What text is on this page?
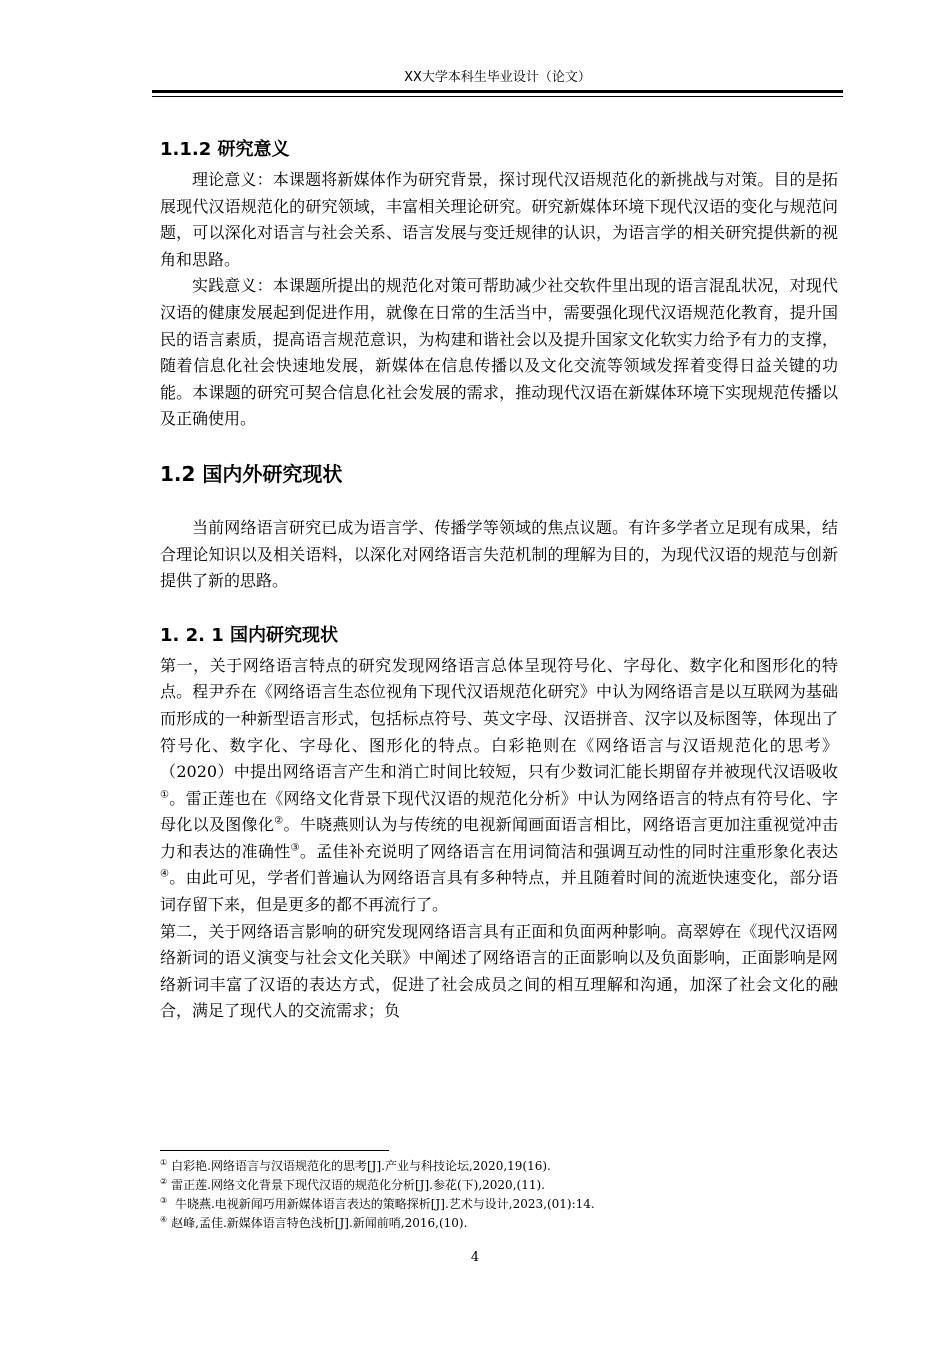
XX大学本科生毕业设计（论文）
1.1.2 研究意义

理论意义：本课题将新媒体作为研究背景，探讨现代汉语规范化的新挑战与对策。目的是拓展现代汉语规范化的研究领域，丰富相关理论研究。研究新媒体环境下现代汉语的变化与规范问题，可以深化对语言与社会关系、语言发展与变迁规律的认识，为语言学的相关研究提供新的视角和思路。

实践意义：本课题所提出的规范化对策可帮助减少社交软件里出现的语言混乱状况，对现代汉语的健康发展起到促进作用，就像在日常的生活当中，需要强化现代汉语规范化教育，提升国民的语言素质，提高语言规范意识，为构建和谐社会以及提升国家文化软实力给予有力的支撑，随着信息化社会快速地发展，新媒体在信息传播以及文化交流等领域发挥着变得日益关键的功能。本课题的研究可契合信息化社会发展的需求，推动现代汉语在新媒体环境下实现规范传播以及正确使用。

1.2 国内外研究现状

当前网络语言研究已成为语言学、传播学等领域的焦点议题。有许多学者立足现有成果，结合理论知识以及相关语料，以深化对网络语言失范机制的理解为目的，为现代汉语的规范与创新提供了新的思路。

1. 2. 1 国内研究现状

第一，关于网络语言特点的研究发现网络语言总体呈现符号化、字母化、数字化和图形化的特点。程尹乔在《网络语言生态位视角下现代汉语规范化研究》中认为网络语言是以互联网为基础而形成的一种新型语言形式，包括标点符号、英文字母、汉语拼音、汉字以及标图等，体现出了符号化、数字化、字母化、图形化的特点。白彩艳则在《网络语言与汉语规范化的思考》（2020）中提出网络语言产生和消亡时间比较短，只有少数词汇能长期留存并被现代汉语吸收①。雷正莲也在《网络文化背景下现代汉语的规范化分析》中认为网络语言的特点有符号化、字母化以及图像化②。牛晓燕则认为与传统的电视新闻画面语言相比，网络语言更加注重视觉冲击力和表达的准确性③。孟佳补充说明了网络语言在用词简洁和强调互动性的同时注重形象化表达④。由此可见，学者们普遍认为网络语言具有多种特点，并且随着时间的流逝快速变化，部分语词存留下来，但是更多的都不再流行了。

第二，关于网络语言影响的研究发现网络语言具有正面和负面两种影响。高翠婷在《现代汉语网络新词的语义演变与社会文化关联》中阐述了网络语言的正面影响以及负面影响，正面影响是网络新词丰富了汉语的表达方式，促进了社会成员之间的相互理解和沟通，加深了社会文化的融合，满足了现代人的交流需求；负

① 白彩艳.网络语言与汉语规范化的思考[J].产业与科技论坛,2020,19(16).
② 雷正莲.网络文化背景下现代汉语的规范化分析[J].参花(下),2020,(11).
③ 牛晓燕.电视新闻巧用新媒体语言表达的策略探析[J].艺术与设计,2023,(01):14.
④ 赵峰,孟佳.新媒体语言特色浅析[J].新闻前哨,2016,(10).
4
